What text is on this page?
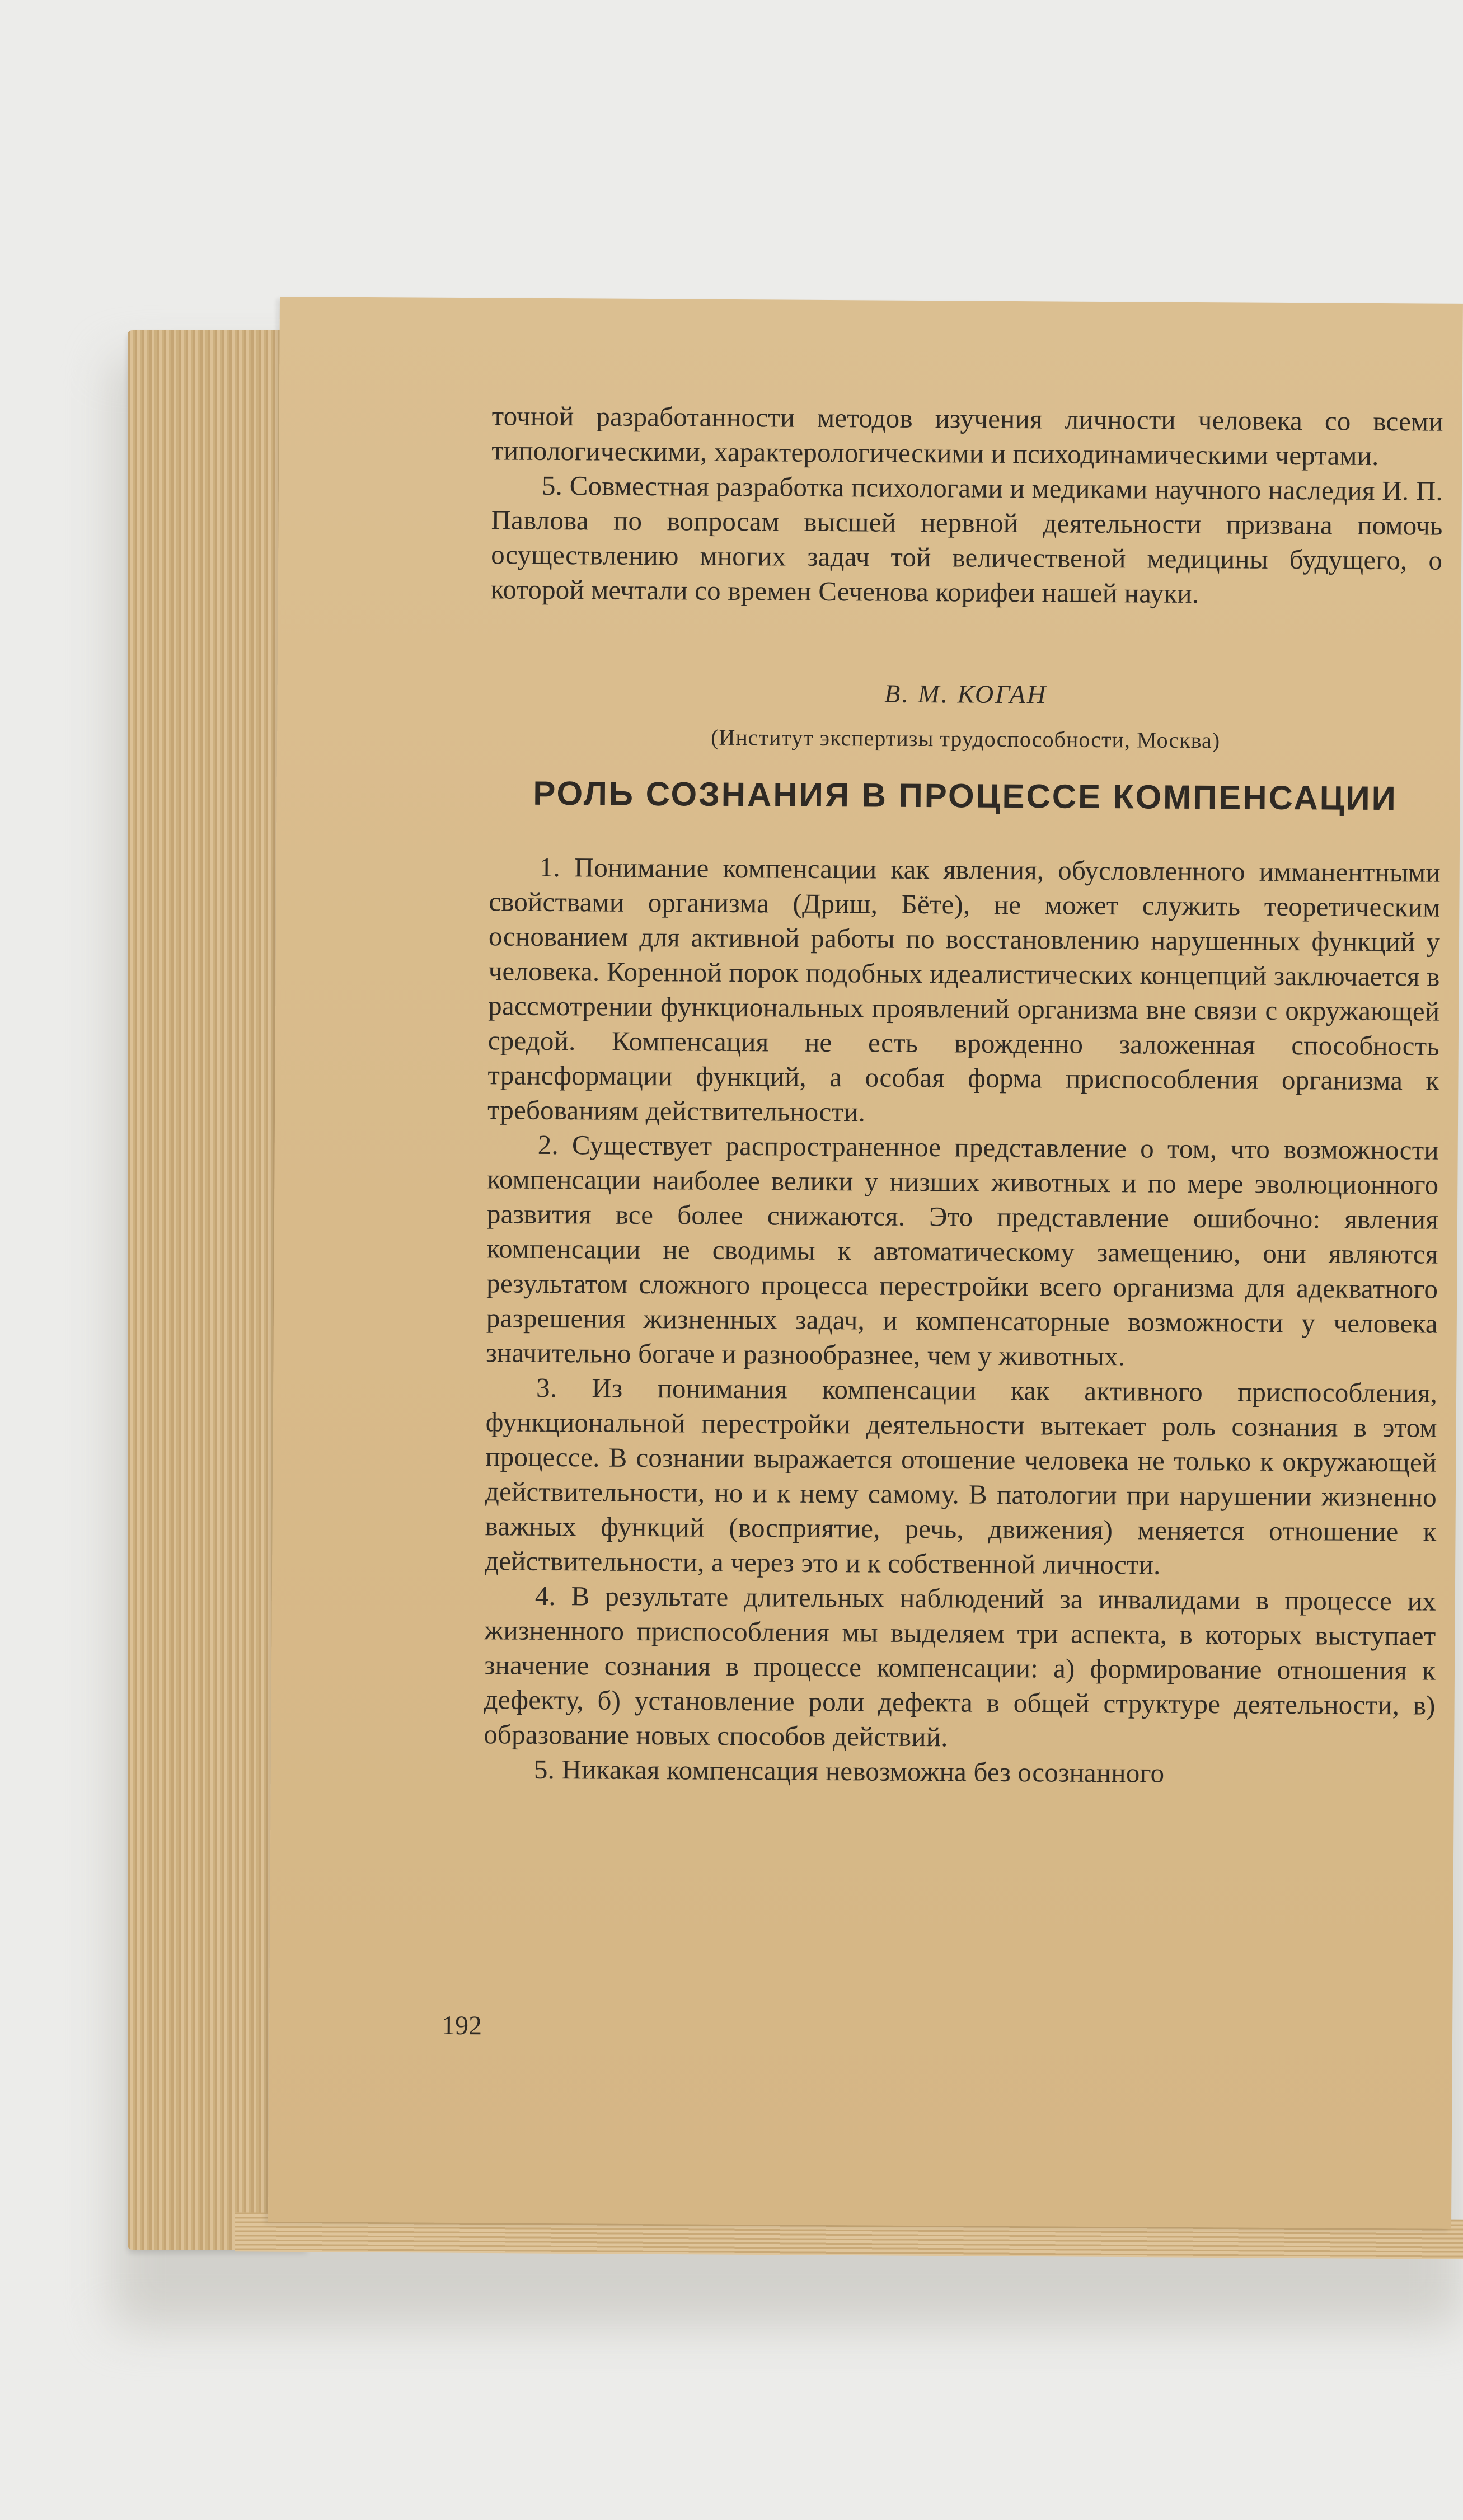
точной разработанности методов изучения личности человека со всеми типологическими, характерологическими и психодинамическими чертами.

5. Совместная разработка психологами и медиками научного наследия И. П. Павлова по вопросам высшей нервной деятельности призвана помочь осуществлению многих задач той величественой медицины будущего, о которой мечтали со времен Сеченова корифеи нашей науки.

В. М. КОГАН

(Институт экспертизы трудоспособности, Москва)

РОЛЬ СОЗНАНИЯ В ПРОЦЕССЕ КОМПЕНСАЦИИ

1. Понимание компенсации как явления, обусловленного имманентными свойствами организма (Дриш, Бёте), не может служить теоретическим основанием для активной работы по восстановлению нарушенных функций у человека. Коренной порок подобных идеалистических концепций заключается в рассмотрении функциональных проявлений организма вне связи с окружающей средой. Компенсация не есть врожденно заложенная способность трансформации функций, а особая форма приспособления организма к требованиям действительности.

2. Существует распространенное представление о том, что возможности компенсации наиболее велики у низших животных и по мере эволюционного развития все более снижаются. Это представление ошибочно: явления компенсации не сводимы к автоматическому замещению, они являются результатом сложного процесса перестройки всего организма для адекватного разрешения жизненных задач, и компенсаторные возможности у человека значительно богаче и разнообразнее, чем у животных.

3. Из понимания компенсации как активного приспособления, функциональной перестройки деятельности вытекает роль сознания в этом процессе. В сознании выражается отошение человека не только к окружающей действительности, но и к нему самому. В патологии при нарушении жизненно важных функций (восприятие, речь, движения) меняется отношение к действительности, а через это и к собственной личности.

4. В результате длительных наблюдений за инвалидами в процессе их жизненного приспособления мы выделяем три аспекта, в которых выступает значение сознания в процессе компенсации: а) формирование отношения к дефекту, б) установление роли дефекта в общей структуре деятельности, в) образование новых способов действий.

5. Никакая компенсация невозможна без осознанного

192
